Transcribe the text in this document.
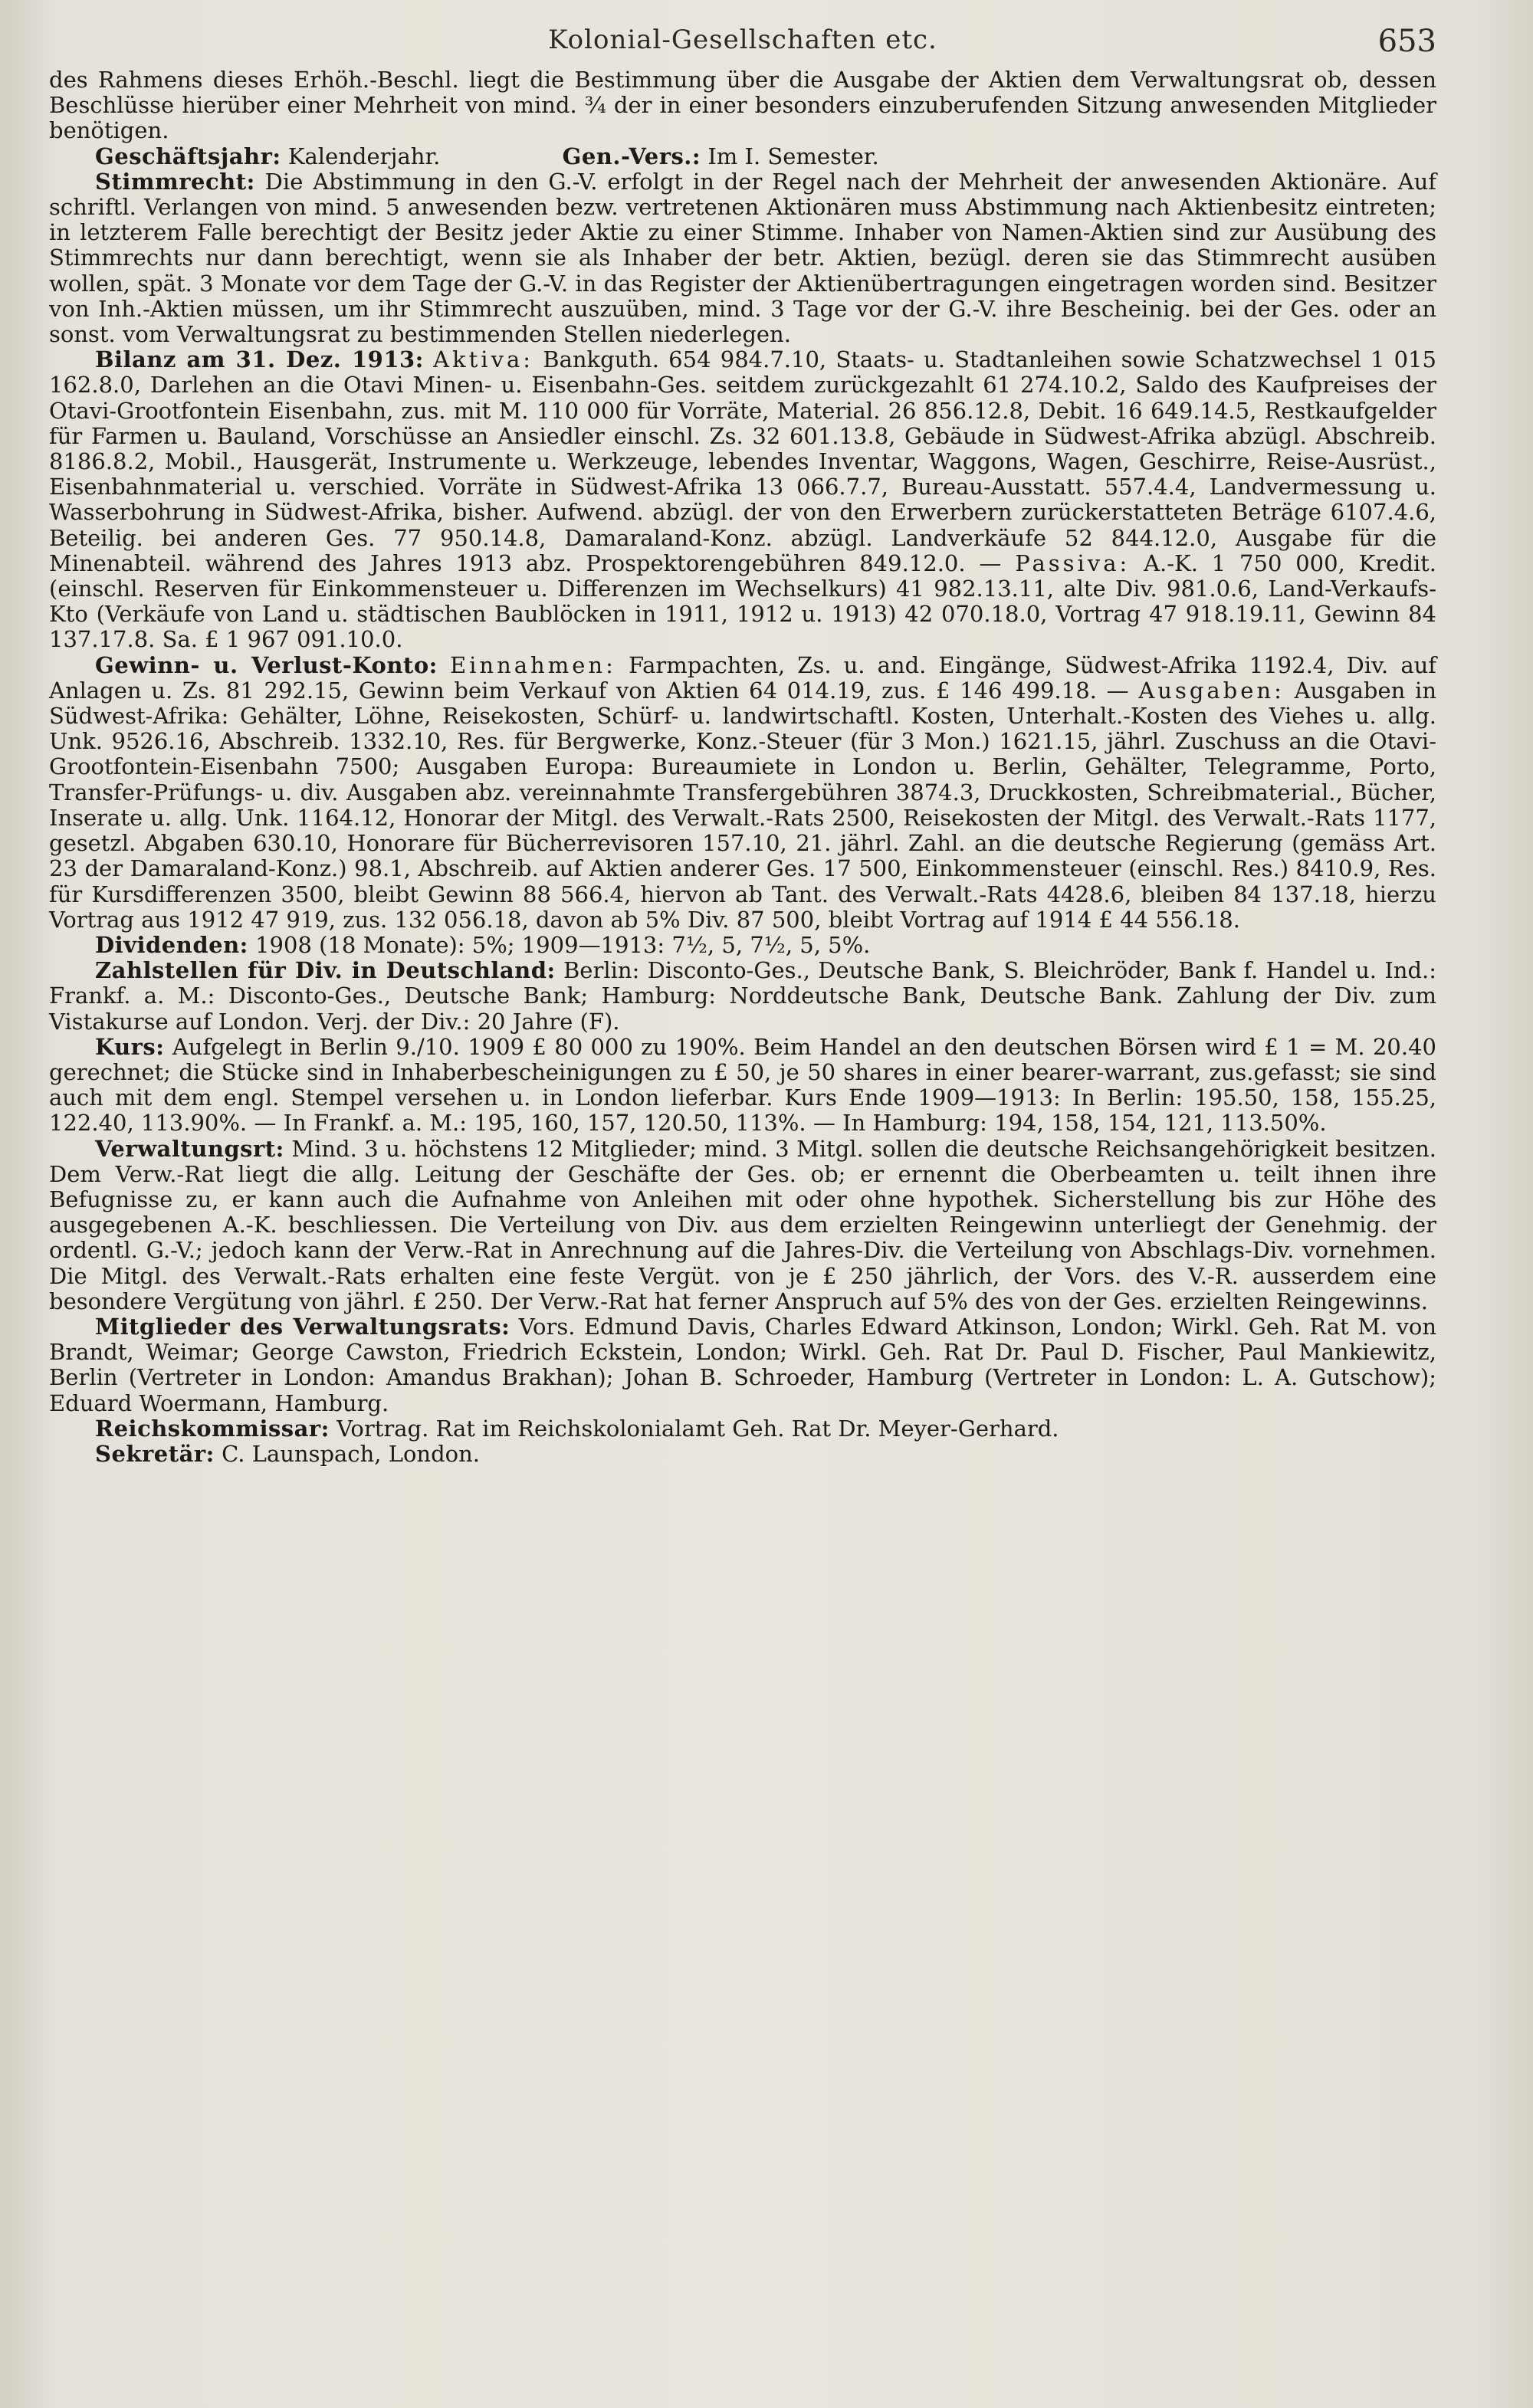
Kolonial-Gesellschaften etc.	653

des Rahmens dieses Erhöh.-Beschl. liegt die Bestimmung über die Ausgabe der Aktien dem Verwaltungsrat ob, dessen Beschlüsse hierüber einer Mehrheit von mind. ¾ der in einer besonders einzuberufenden Sitzung anwesenden Mitglieder benötigen.

Geschäftsjahr: Kalenderjahr.	Gen.-Vers.: Im I. Semester.

Stimmrecht: Die Abstimmung in den G.-V. erfolgt in der Regel nach der Mehrheit der anwesenden Aktionäre. Auf schriftl. Verlangen von mind. 5 anwesenden bezw. vertretenen Aktionären muss Abstimmung nach Aktienbesitz eintreten; in letzterem Falle berechtigt der Besitz jeder Aktie zu einer Stimme. Inhaber von Namen-Aktien sind zur Ausübung des Stimmrechts nur dann berechtigt, wenn sie als Inhaber der betr. Aktien, bezügl. deren sie das Stimmrecht ausüben wollen, spät. 3 Monate vor dem Tage der G.-V. in das Register der Aktienübertragungen eingetragen worden sind. Besitzer von Inh.-Aktien müssen, um ihr Stimmrecht auszuüben, mind. 3 Tage vor der G.-V. ihre Bescheinig. bei der Ges. oder an sonst. vom Verwaltungsrat zu bestimmenden Stellen niederlegen.

Bilanz am 31. Dez. 1913: Aktiva: Bankguth. 654 984.7.10, Staats- u. Stadtanleihen sowie Schatzwechsel 1 015 162.8.0, Darlehen an die Otavi Minen- u. Eisenbahn-Ges. seitdem zurückgezahlt 61 274.10.2, Saldo des Kaufpreises der Otavi-Grootfontein Eisenbahn, zus. mit M. 110 000 für Vorräte, Material. 26 856.12.8, Debit. 16 649.14.5, Restkaufgelder für Farmen u. Bauland, Vorschüsse an Ansiedler einschl. Zs. 32 601.13.8, Gebäude in Südwest-Afrika abzügl. Abschreib. 8186.8.2, Mobil., Hausgerät, Instrumente u. Werkzeuge, lebendes Inventar, Waggons, Wagen, Geschirre, Reise-Ausrüst., Eisenbahnmaterial u. verschied. Vorräte in Südwest-Afrika 13 066.7.7, Bureau-Ausstatt. 557.4.4, Landvermessung u. Wasserbohrung in Südwest-Afrika, bisher. Aufwend. abzügl. der von den Erwerbern zurückerstatteten Beträge 6107.4.6, Beteilig. bei anderen Ges. 77 950.14.8, Damaraland-Konz. abzügl. Landverkäufe 52 844.12.0, Ausgabe für die Minenabteil. während des Jahres 1913 abz. Prospektorengebühren 849.12.0. — Passiva: A.-K. 1 750 000, Kredit. (einschl. Reserven für Einkommensteuer u. Differenzen im Wechselkurs) 41 982.13.11, alte Div. 981.0.6, Land-Verkaufs-Kto (Verkäufe von Land u. städtischen Baublöcken in 1911, 1912 u. 1913) 42 070.18.0, Vortrag 47 918.19.11, Gewinn 84 137.17.8. Sa. £ 1 967 091.10.0.

Gewinn- u. Verlust-Konto: Einnahmen: Farmpachten, Zs. u. and. Eingänge, Südwest-Afrika 1192.4, Div. auf Anlagen u. Zs. 81 292.15, Gewinn beim Verkauf von Aktien 64 014.19, zus. £ 146 499.18. — Ausgaben: Ausgaben in Südwest-Afrika: Gehälter, Löhne, Reisekosten, Schürf- u. landwirtschaftl. Kosten, Unterhalt.-Kosten des Viehes u. allg. Unk. 9526.16, Abschreib. 1332.10, Res. für Bergwerke, Konz.-Steuer (für 3 Mon.) 1621.15, jährl. Zuschuss an die Otavi-Grootfontein-Eisenbahn 7500; Ausgaben Europa: Bureaumiete in London u. Berlin, Gehälter, Telegramme, Porto, Transfer-Prüfungs- u. div. Ausgaben abz. vereinnahmte Transfergebühren 3874.3, Druckkosten, Schreibmaterial., Bücher, Inserate u. allg. Unk. 1164.12, Honorar der Mitgl. des Verwalt.-Rats 2500, Reisekosten der Mitgl. des Verwalt.-Rats 1177, gesetzl. Abgaben 630.10, Honorare für Bücherrevisoren 157.10, 21. jährl. Zahl. an die deutsche Regierung (gemäss Art. 23 der Damaraland-Konz.) 98.1, Abschreib. auf Aktien anderer Ges. 17 500, Einkommensteuer (einschl. Res.) 8410.9, Res. für Kursdifferenzen 3500, bleibt Gewinn 88 566.4, hiervon ab Tant. des Verwalt.-Rats 4428.6, bleiben 84 137.18, hierzu Vortrag aus 1912 47 919, zus. 132 056.18, davon ab 5% Div. 87 500, bleibt Vortrag auf 1914 £ 44 556.18.

Dividenden: 1908 (18 Monate): 5%; 1909—1913: 7½, 5, 7½, 5, 5%.

Zahlstellen für Div. in Deutschland: Berlin: Disconto-Ges., Deutsche Bank, S. Bleichröder, Bank f. Handel u. Ind.: Frankf. a. M.: Disconto-Ges., Deutsche Bank; Hamburg: Norddeutsche Bank, Deutsche Bank. Zahlung der Div. zum Vistakurse auf London. Verj. der Div.: 20 Jahre (F).

Kurs: Aufgelegt in Berlin 9./10. 1909 £ 80 000 zu 190%. Beim Handel an den deutschen Börsen wird £ 1 = M. 20.40 gerechnet; die Stücke sind in Inhaberbescheinigungen zu £ 50, je 50 shares in einer bearer-warrant, zus.gefasst; sie sind auch mit dem engl. Stempel versehen u. in London lieferbar. Kurs Ende 1909—1913: In Berlin: 195.50, 158, 155.25, 122.40, 113.90%. — In Frankf. a. M.: 195, 160, 157, 120.50, 113%. — In Hamburg: 194, 158, 154, 121, 113.50%.

Verwaltungsrt: Mind. 3 u. höchstens 12 Mitglieder; mind. 3 Mitgl. sollen die deutsche Reichsangehörigkeit besitzen. Dem Verw.-Rat liegt die allg. Leitung der Geschäfte der Ges. ob; er ernennt die Oberbeamten u. teilt ihnen ihre Befugnisse zu, er kann auch die Aufnahme von Anleihen mit oder ohne hypothek. Sicherstellung bis zur Höhe des ausgegebenen A.-K. beschliessen. Die Verteilung von Div. aus dem erzielten Reingewinn unterliegt der Genehmig. der ordentl. G.-V.; jedoch kann der Verw.-Rat in Anrechnung auf die Jahres-Div. die Verteilung von Abschlags-Div. vornehmen. Die Mitgl. des Verwalt.-Rats erhalten eine feste Vergüt. von je £ 250 jährlich, der Vors. des V.-R. ausserdem eine besondere Vergütung von jährl. £ 250. Der Verw.-Rat hat ferner Anspruch auf 5% des von der Ges. erzielten Reingewinns.

Mitglieder des Verwaltungsrats: Vors. Edmund Davis, Charles Edward Atkinson, London; Wirkl. Geh. Rat M. von Brandt, Weimar; George Cawston, Friedrich Eckstein, London; Wirkl. Geh. Rat Dr. Paul D. Fischer, Paul Mankiewitz, Berlin (Vertreter in London: Amandus Brakhan); Johan B. Schroeder, Hamburg (Vertreter in London: L. A. Gutschow); Eduard Woermann, Hamburg.

Reichskommissar: Vortrag. Rat im Reichskolonialamt Geh. Rat Dr. Meyer-Gerhard.

Sekretär: C. Launspach, London.
